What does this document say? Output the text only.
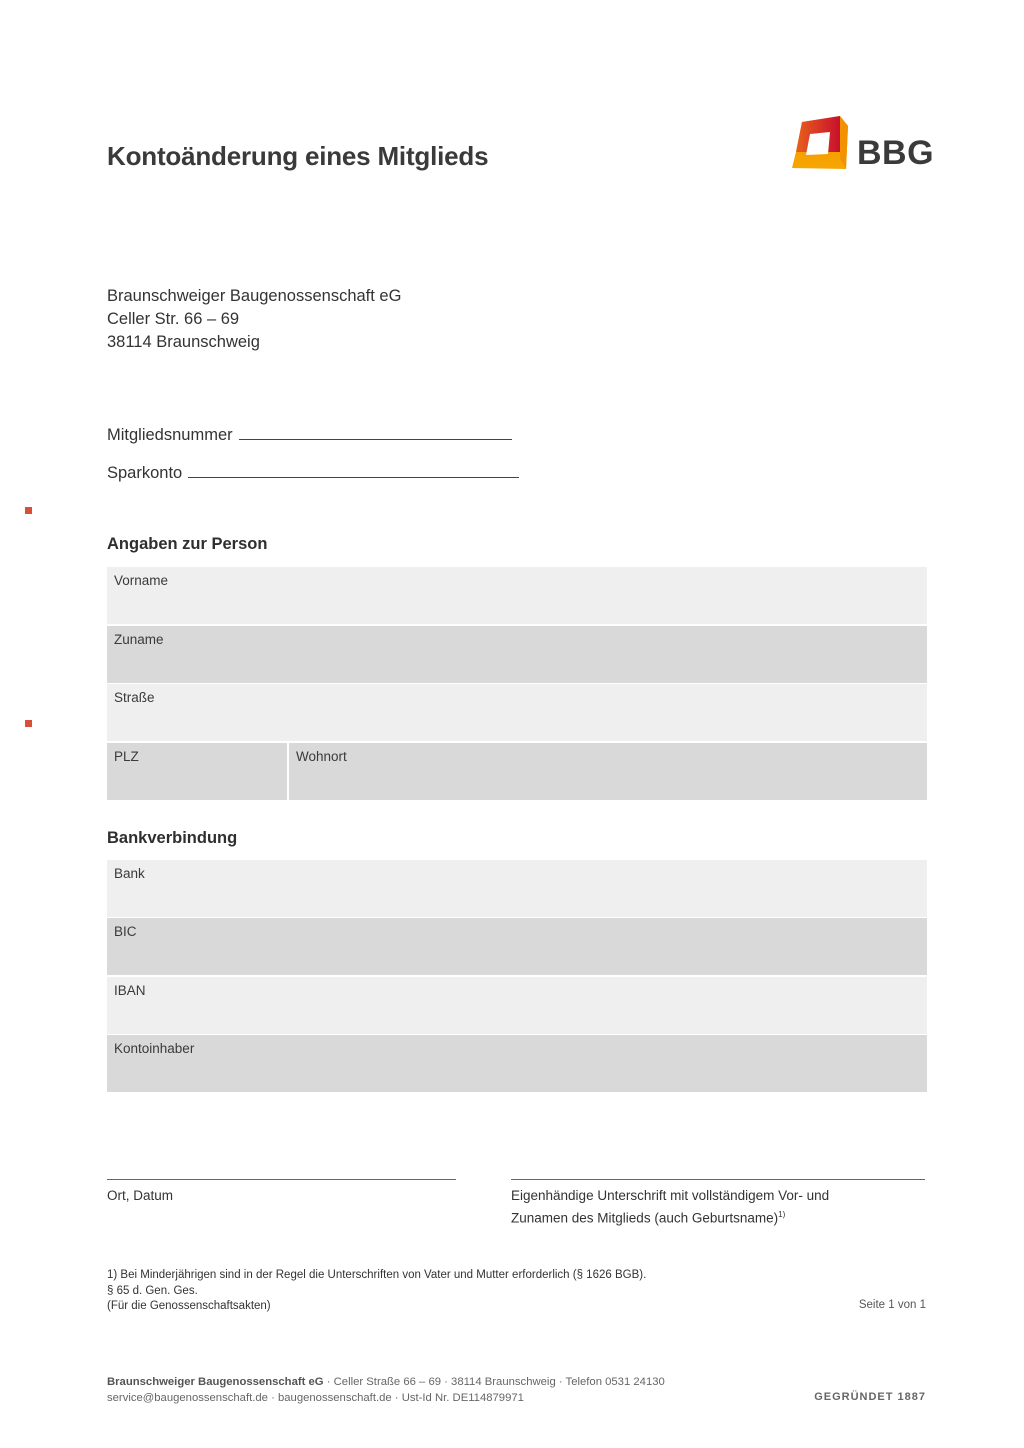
Kontoänderung eines Mitglieds	BBG
Braunschweiger Baugenossenschaft eG
Celler Str. 66 – 69
38114 Braunschweig
Mitgliedsnummer
Sparkonto
Angaben zur Person
Vorname
Zuname
Straße
PLZ	Wohnort
Bankverbindung
Bank
BIC
IBAN
Kontoinhaber
Ort, Datum	Eigenhändige Unterschrift mit vollständigem Vor- und
Zunamen des Mitglieds (auch Geburtsname)$^{1)}$
1) Bei Minderjährigen sind in der Regel die Unterschriften von Vater und Mutter erforderlich (§ 1626 BGB).
§ 65 d. Gen. Ges.
(Für die Genossenschaftsakten)	Seite 1 von 1
Braunschweiger Baugenossenschaft eG · Celler Straße 66 – 69 · 38114 Braunschweig · Telefon 0531 24130
service@baugenossenschaft.de · baugenossenschaft.de · Ust-Id Nr. DE114879971	GEGRÜNDET 1887
